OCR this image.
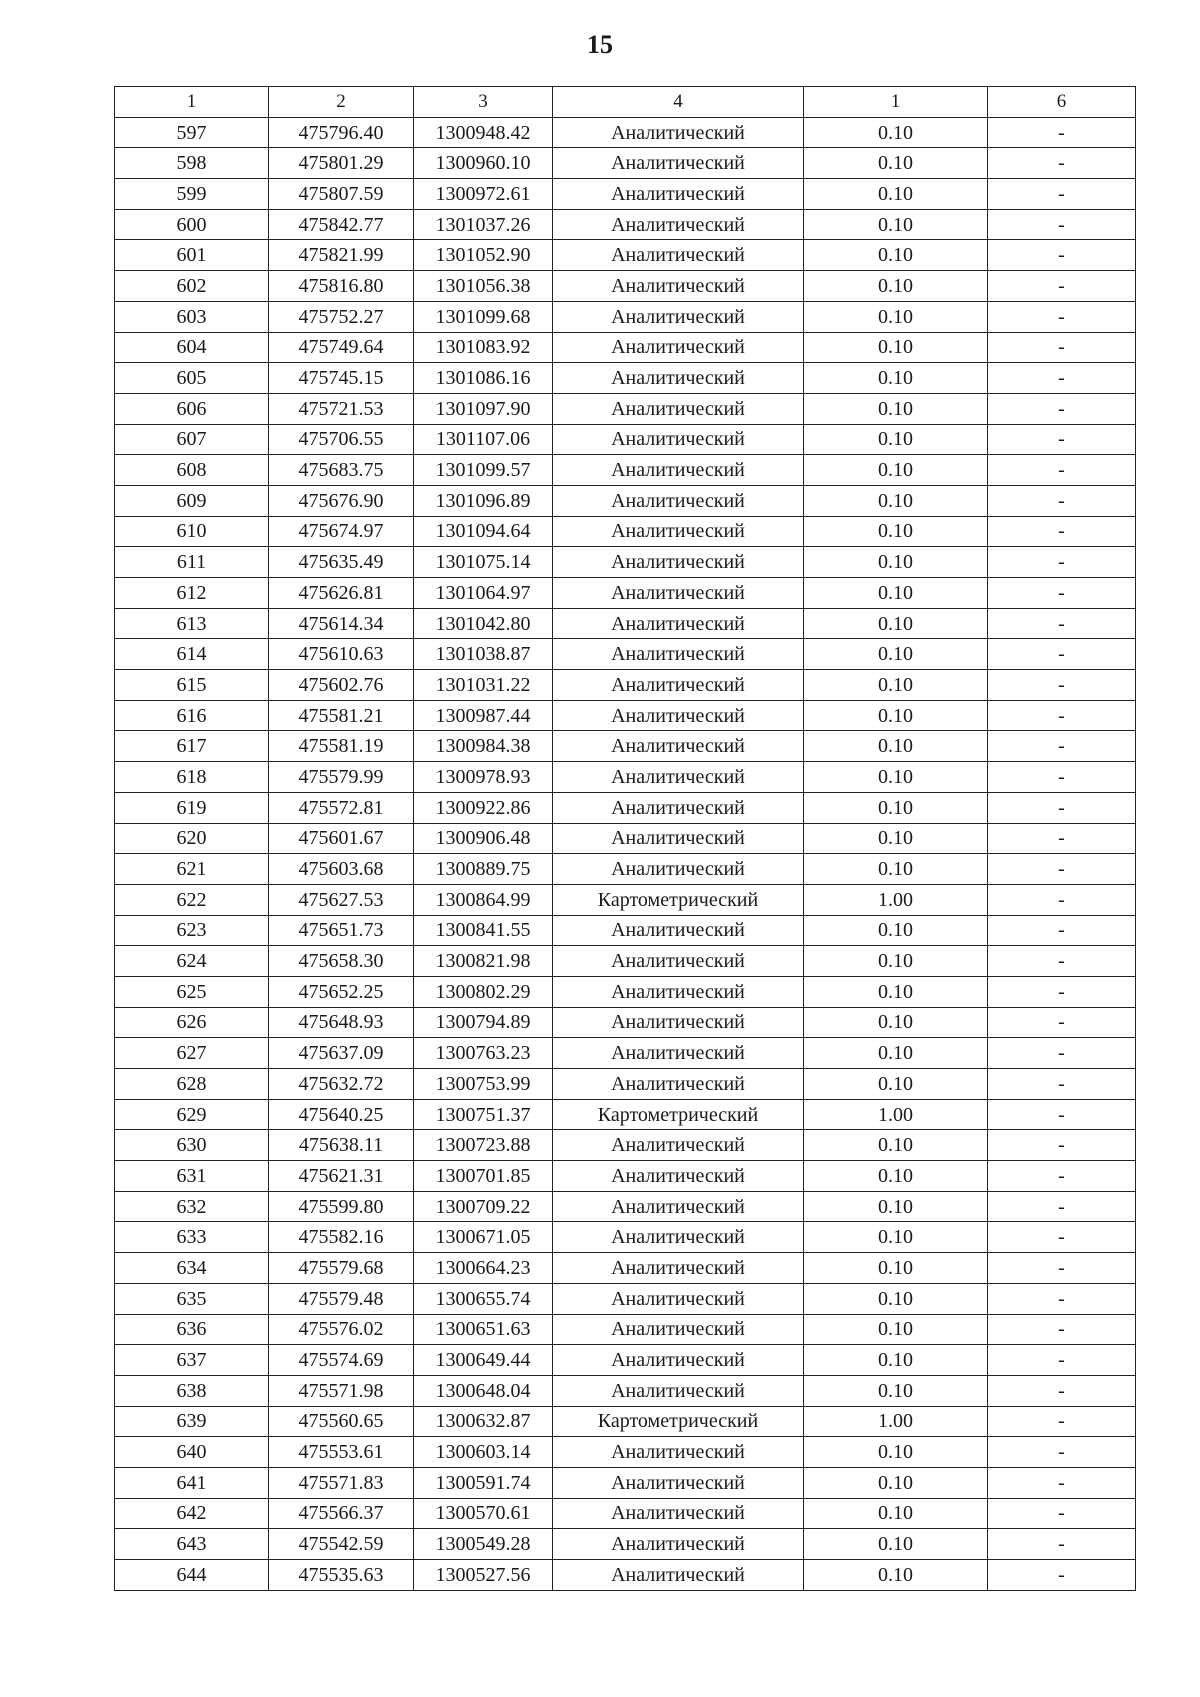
15
1	2	3	4	1	6
597	475796.40	1300948.42	Аналитический	0.10	-
598	475801.29	1300960.10	Аналитический	0.10	-
599	475807.59	1300972.61	Аналитический	0.10	-
600	475842.77	1301037.26	Аналитический	0.10	-
601	475821.99	1301052.90	Аналитический	0.10	-
602	475816.80	1301056.38	Аналитический	0.10	-
603	475752.27	1301099.68	Аналитический	0.10	-
604	475749.64	1301083.92	Аналитический	0.10	-
605	475745.15	1301086.16	Аналитический	0.10	-
606	475721.53	1301097.90	Аналитический	0.10	-
607	475706.55	1301107.06	Аналитический	0.10	-
608	475683.75	1301099.57	Аналитический	0.10	-
609	475676.90	1301096.89	Аналитический	0.10	-
610	475674.97	1301094.64	Аналитический	0.10	-
611	475635.49	1301075.14	Аналитический	0.10	-
612	475626.81	1301064.97	Аналитический	0.10	-
613	475614.34	1301042.80	Аналитический	0.10	-
614	475610.63	1301038.87	Аналитический	0.10	-
615	475602.76	1301031.22	Аналитический	0.10	-
616	475581.21	1300987.44	Аналитический	0.10	-
617	475581.19	1300984.38	Аналитический	0.10	-
618	475579.99	1300978.93	Аналитический	0.10	-
619	475572.81	1300922.86	Аналитический	0.10	-
620	475601.67	1300906.48	Аналитический	0.10	-
621	475603.68	1300889.75	Аналитический	0.10	-
622	475627.53	1300864.99	Картометрический	1.00	-
623	475651.73	1300841.55	Аналитический	0.10	-
624	475658.30	1300821.98	Аналитический	0.10	-
625	475652.25	1300802.29	Аналитический	0.10	-
626	475648.93	1300794.89	Аналитический	0.10	-
627	475637.09	1300763.23	Аналитический	0.10	-
628	475632.72	1300753.99	Аналитический	0.10	-
629	475640.25	1300751.37	Картометрический	1.00	-
630	475638.11	1300723.88	Аналитический	0.10	-
631	475621.31	1300701.85	Аналитический	0.10	-
632	475599.80	1300709.22	Аналитический	0.10	-
633	475582.16	1300671.05	Аналитический	0.10	-
634	475579.68	1300664.23	Аналитический	0.10	-
635	475579.48	1300655.74	Аналитический	0.10	-
636	475576.02	1300651.63	Аналитический	0.10	-
637	475574.69	1300649.44	Аналитический	0.10	-
638	475571.98	1300648.04	Аналитический	0.10	-
639	475560.65	1300632.87	Картометрический	1.00	-
640	475553.61	1300603.14	Аналитический	0.10	-
641	475571.83	1300591.74	Аналитический	0.10	-
642	475566.37	1300570.61	Аналитический	0.10	-
643	475542.59	1300549.28	Аналитический	0.10	-
644	475535.63	1300527.56	Аналитический	0.10	-
